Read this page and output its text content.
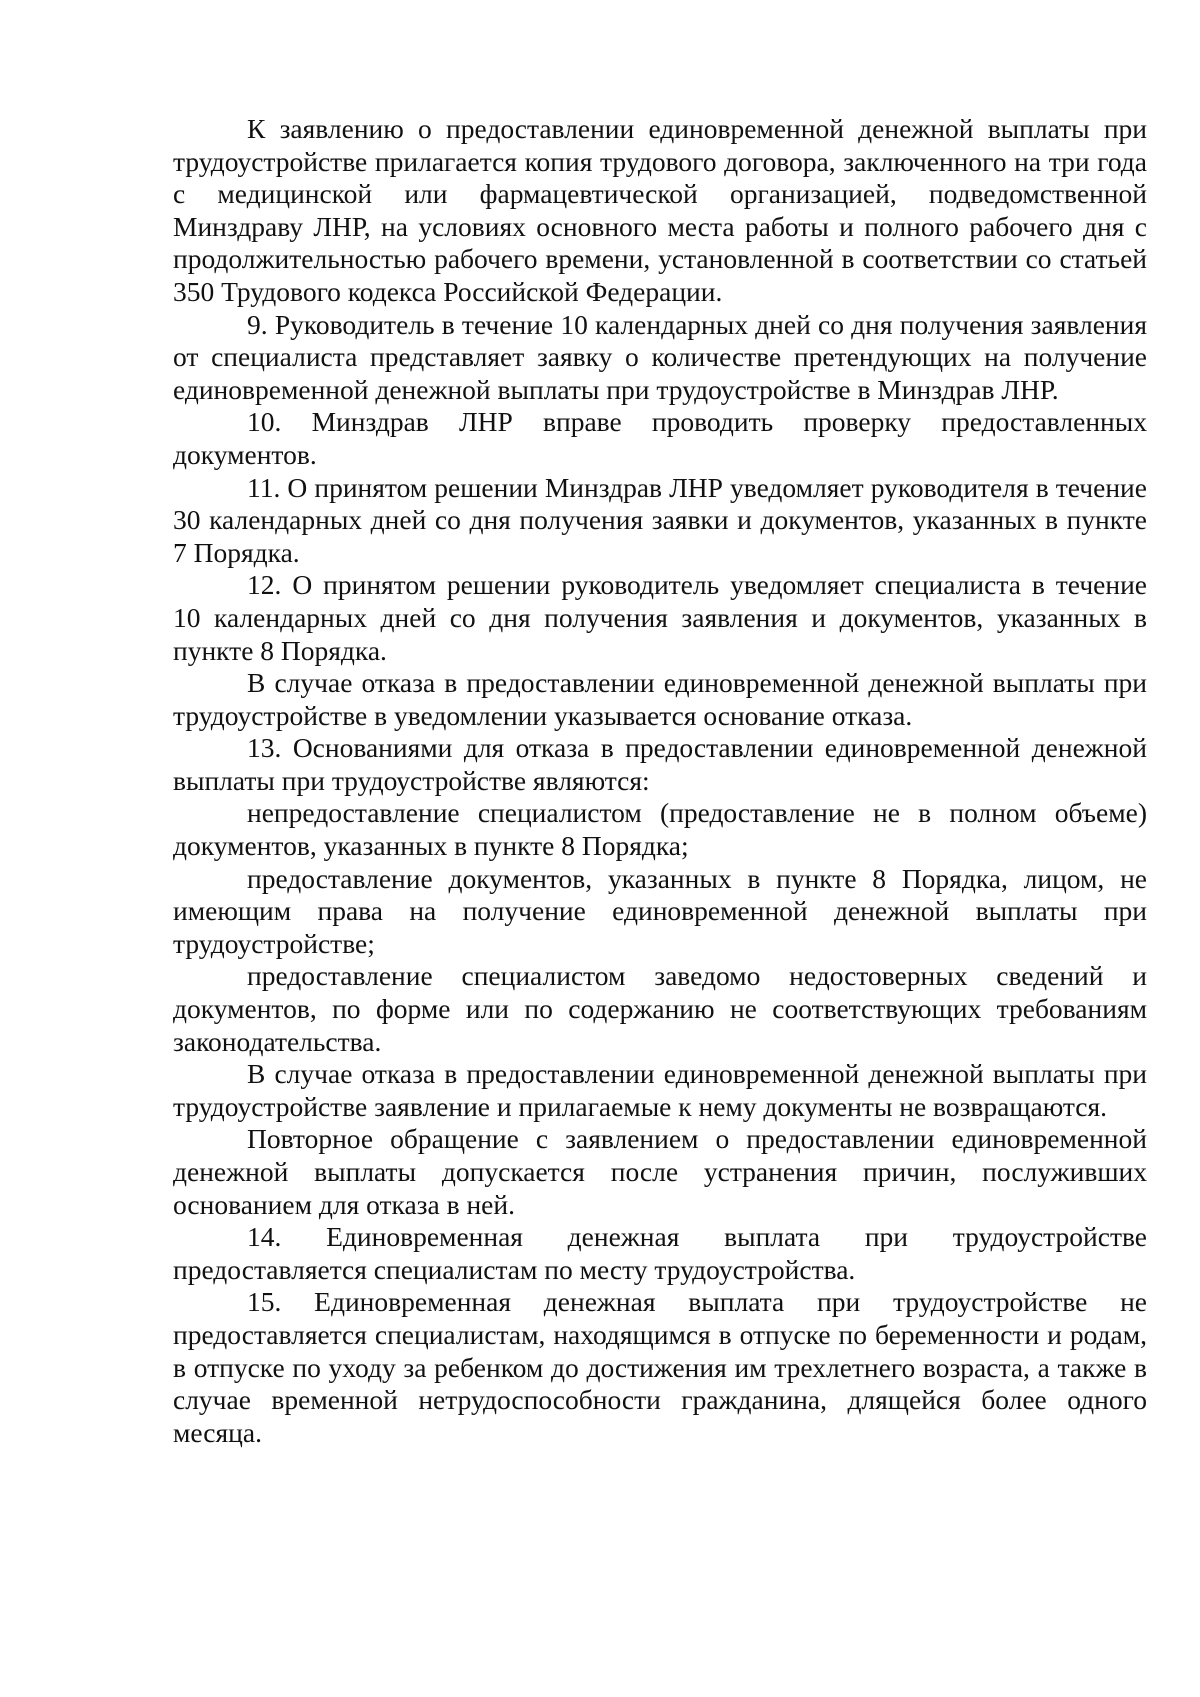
К заявлению о предоставлении единовременной денежной выплаты при трудоустройстве прилагается копия трудового договора, заключенного на три года с медицинской или фармацевтической организацией, подведомственной Минздраву ЛНР, на условиях основного места работы и полного рабочего дня с продолжительностью рабочего времени, установленной в соответствии со статьей 350 Трудового кодекса Российской Федерации.

9. Руководитель в течение 10 календарных дней со дня получения заявления от специалиста представляет заявку о количестве претендующих на получение единовременной денежной выплаты при трудоустройстве в Минздрав ЛНР.

10. Минздрав ЛНР вправе проводить проверку предоставленных документов.

11. О принятом решении Минздрав ЛНР уведомляет руководителя в течение 30 календарных дней со дня получения заявки и документов, указанных в пункте 7 Порядка.

12. О принятом решении руководитель уведомляет специалиста в течение 10 календарных дней со дня получения заявления и документов, указанных в пункте 8 Порядка.

В случае отказа в предоставлении единовременной денежной выплаты при трудоустройстве в уведомлении указывается основание отказа.

13. Основаниями для отказа в предоставлении единовременной денежной выплаты при трудоустройстве являются:

непредоставление специалистом (предоставление не в полном объеме) документов, указанных в пункте 8 Порядка;

предоставление документов, указанных в пункте 8 Порядка, лицом, не имеющим права на получение единовременной денежной выплаты при трудоустройстве;

предоставление специалистом заведомо недостоверных сведений и документов, по форме или по содержанию не соответствующих требованиям законодательства.

В случае отказа в предоставлении единовременной денежной выплаты при трудоустройстве заявление и прилагаемые к нему документы не возвращаются.

Повторное обращение с заявлением о предоставлении единовременной денежной выплаты допускается после устранения причин, послуживших основанием для отказа в ней.

14. Единовременная денежная выплата при трудоустройстве предоставляется специалистам по месту трудоустройства.

15. Единовременная денежная выплата при трудоустройстве не предоставляется специалистам, находящимся в отпуске по беременности и родам, в отпуске по уходу за ребенком до достижения им трехлетнего возраста, а также в случае временной нетрудоспособности гражданина, длящейся более одного месяца.
